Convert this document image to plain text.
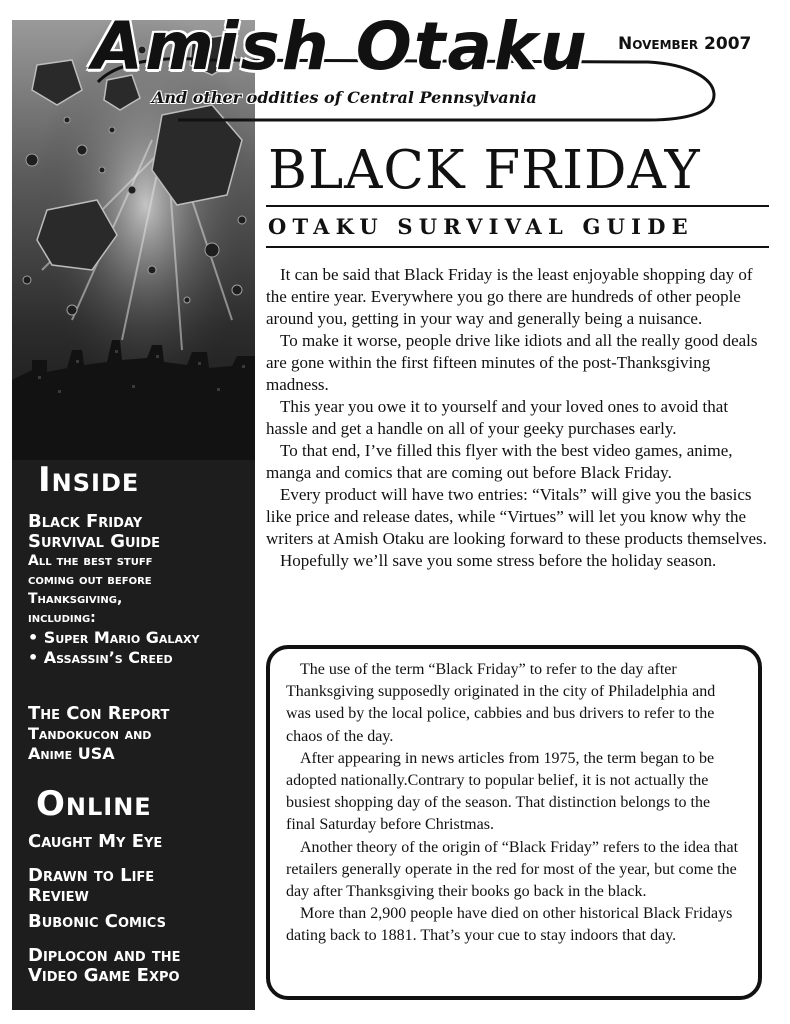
Inside
Black Friday
Survival Guide
All the best stuff
coming out before
Thanksgiving,
including:
• Super Mario Galaxy
• Assassin’s Creed
The Con Report
Tandokucon and
Anime USA
Online
Caught My Eye
Drawn to Life
Review
Bubonic Comics
Diplocon and the
Video Game Expo
Amish Otaku
And other oddities of Central Pennsylvania
November 2007
BLACK FRIDAY
OTAKU SURVIVAL GUIDE

It can be said that Black Friday is the least enjoyable shopping day of the entire year. Everywhere you go there are hundreds of other people around you, getting in your way and generally being a nuisance.

To make it worse, people drive like idiots and all the really good deals are gone within the first fifteen minutes of the post-Thanksgiving madness.

This year you owe it to yourself and your loved ones to avoid that hassle and get a handle on all of your geeky purchases early.

To that end, I’ve filled this flyer with the best video games, anime, manga and comics that are coming out before Black Friday.

Every product will have two entries: “Vitals” will give you the basics like price and release dates, while “Virtues” will let you know why the writers at Amish Otaku are looking forward to these products themselves.

Hopefully we’ll save you some stress before the holiday season.

The use of the term “Black Friday” to refer to the day after Thanksgiving supposedly originated in the city of Philadelphia and was used by the local police, cabbies and bus drivers to refer to the chaos of the day.

After appearing in news articles from 1975, the term began to be adopted nationally.Contrary to popular belief, it is not actually the busiest shopping day of the season. That distinction belongs to the final Saturday before Christmas.

Another theory of the origin of “Black Friday” refers to the idea that retailers generally operate in the red for most of the year, but come the day after Thanksgiving their books go back in the black.

More than 2,900 people have died on other historical Black Fridays dating back to 1881. That’s your cue to stay indoors that day.
